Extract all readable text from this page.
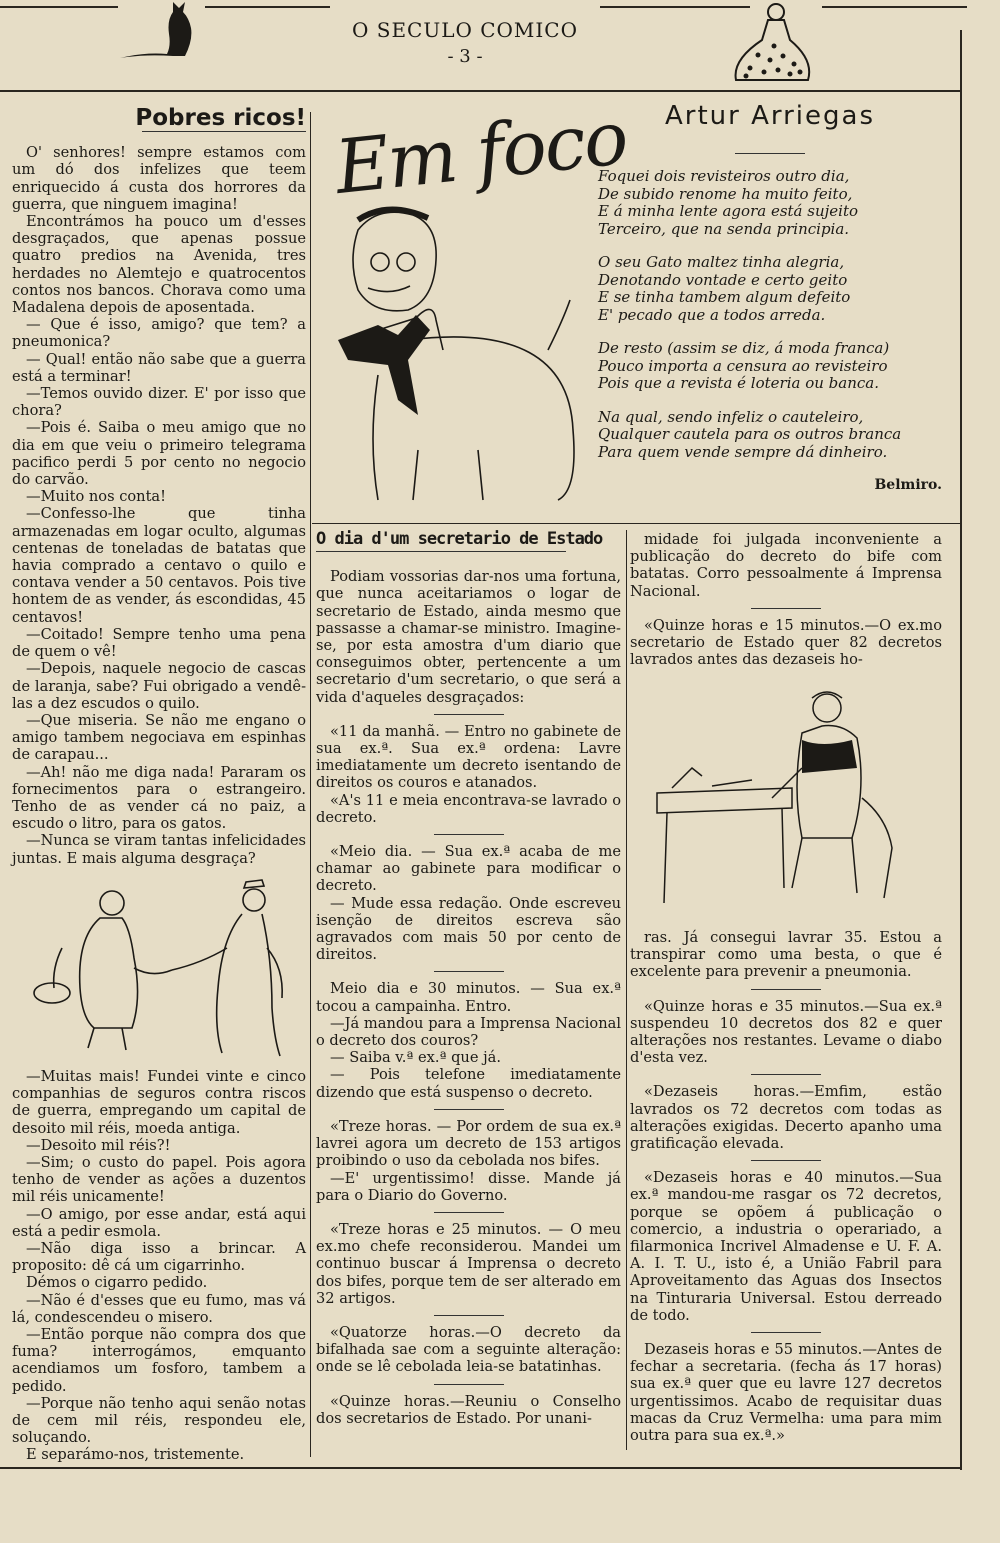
O SECULO COMICO
- 3 -
Pobres ricos!

O' senhores! sempre estamos com um dó dos infelizes que teem enriquecido á custa dos horrores da guerra, que ninguem imagina!

Encontrámos ha pouco um d'esses desgraçados, que apenas possue quatro predios na Avenida, tres herdades no Alemtejo e quatrocentos contos nos bancos. Chorava como uma Madalena depois de aposentada.

— Que é isso, amigo? que tem? a pneumonica?

— Qual! então não sabe que a guerra está a terminar!

—Temos ouvido dizer. E' por isso que chora?

—Pois é. Saiba o meu amigo que no dia em que veiu o primeiro telegrama pacifico perdi 5 por cento no negocio do carvão.

—Muito nos conta!

—Confesso-lhe que tinha armazenadas em logar oculto, algumas centenas de toneladas de batatas que havia comprado a centavo o quilo e contava vender a 50 centavos. Pois tive hontem de as vender, ás escondidas, 45 centavos!

—Coitado! Sempre tenho uma pena de quem o vê!

—Depois, naquele negocio de cascas de laranja, sabe? Fui obrigado a vendê-las a dez escudos o quilo.

—Que miseria. Se não me engano o amigo tambem negociava em espinhas de carapau...

—Ah! não me diga nada! Pararam os fornecimentos para o estrangeiro. Tenho de as vender cá no paiz, a escudo o litro, para os gatos.

—Nunca se viram tantas infelicidades juntas. E mais alguma desgraça?

—Muitas mais! Fundei vinte e cinco companhias de seguros contra riscos de guerra, empregando um capital de desoito mil réis, moeda antiga.

—Desoito mil réis?!

—Sim; o custo do papel. Pois agora tenho de vender as ações a duzentos mil réis unicamente!

—O amigo, por esse andar, está aqui está a pedir esmola.

—Não diga isso a brincar. A proposito: dê cá um cigarrinho.

Démos o cigarro pedido.

—Não é d'esses que eu fumo, mas vá lá, condescendeu o misero.

—Então porque não compra dos que fuma? interrogámos, emquanto acendiamos um fosforo, tambem a pedido.

—Porque não tenho aqui senão notas de cem mil réis, respondeu ele, soluçando.

E separámo-nos, tristemente.

Em foco	Artur Arriegas
Foquei dois revisteiros outro dia,
De subido renome ha muito feito,
E á minha lente agora está sujeito
Terceiro, que na senda principia.
O seu Gato maltez tinha alegria,
Denotando vontade e certo geito
E se tinha tambem algum defeito
E' pecado que a todos arreda.
De resto (assim se diz, á moda franca)
Pouco importa a censura ao revisteiro
Pois que a revista é loteria ou banca.
Na qual, sendo infeliz o cauteleiro,
Qualquer cautela para os outros branca
Para quem vende sempre dá dinheiro.
Belmiro.
O dia d'um secretario de Estado

Podiam vossorias dar-nos uma fortuna, que nunca aceitariamos o logar de secretario de Estado, ainda mesmo que passasse a chamar-se ministro. Imagine-se, por esta amostra d'um diario que conseguimos obter, pertencente a um secretario d'um secretario, o que será a vida d'aqueles desgraçados:

«11 da manhã. — Entro no gabinete de sua ex.ª. Sua ex.ª ordena: Lavre imediatamente um decreto isentando de direitos os couros e atanados.

«A's 11 e meia encontrava-se lavrado o decreto.

«Meio dia. — Sua ex.ª acaba de me chamar ao gabinete para modificar o decreto.

— Mude essa redação. Onde escreveu isenção de direitos escreva são agravados com mais 50 por cento de direitos.

Meio dia e 30 minutos. — Sua ex.ª tocou a campainha. Entro.

—Já mandou para a Imprensa Nacional o decreto dos couros?

— Saiba v.ª ex.ª que já.

— Pois telefone imediatamente dizendo que está suspenso o decreto.

«Treze horas. — Por ordem de sua ex.ª lavrei agora um decreto de 153 artigos proibindo o uso da cebolada nos bifes.

—E' urgentissimo! disse. Mande já para o Diario do Governo.

«Treze horas e 25 minutos. — O meu ex.mo chefe reconsiderou. Mandei um continuo buscar á Imprensa o decreto dos bifes, porque tem de ser alterado em 32 artigos.

«Quatorze horas.—O decreto da bifalhada sae com a seguinte alteração: onde se lê cebolada leia-se batatinhas.

«Quinze horas.—Reuniu o Conselho dos secretarios de Estado. Por unani-

midade foi julgada inconveniente a publicação do decreto do bife com batatas. Corro pessoalmente á Imprensa Nacional.

«Quinze horas e 15 minutos.—O ex.mo secretario de Estado quer 82 decretos lavrados antes das dezaseis ho-

ras. Já consegui lavrar 35. Estou a transpirar como uma besta, o que é excelente para prevenir a pneumonia.

«Quinze horas e 35 minutos.—Sua ex.ª suspendeu 10 decretos dos 82 e quer alterações nos restantes. Levame o diabo d'esta vez.

«Dezaseis horas.—Emfim, estão lavrados os 72 decretos com todas as alterações exigidas. Decerto apanho uma gratificação elevada.

«Dezaseis horas e 40 minutos.—Sua ex.ª mandou-me rasgar os 72 decretos, porque se opõem á publicação o comercio, a industria o operariado, a filarmonica Incrivel Almadense e U. F. A. A. I. T. U., isto é, a União Fabril para Aproveitamento das Aguas dos Insectos na Tinturaria Universal. Estou derreado de todo.

Dezaseis horas e 55 minutos.—Antes de fechar a secretaria. (fecha ás 17 horas) sua ex.ª quer que eu lavre 127 decretos urgentissimos. Acabo de requisitar duas macas da Cruz Vermelha: uma para mim outra para sua ex.ª.»
